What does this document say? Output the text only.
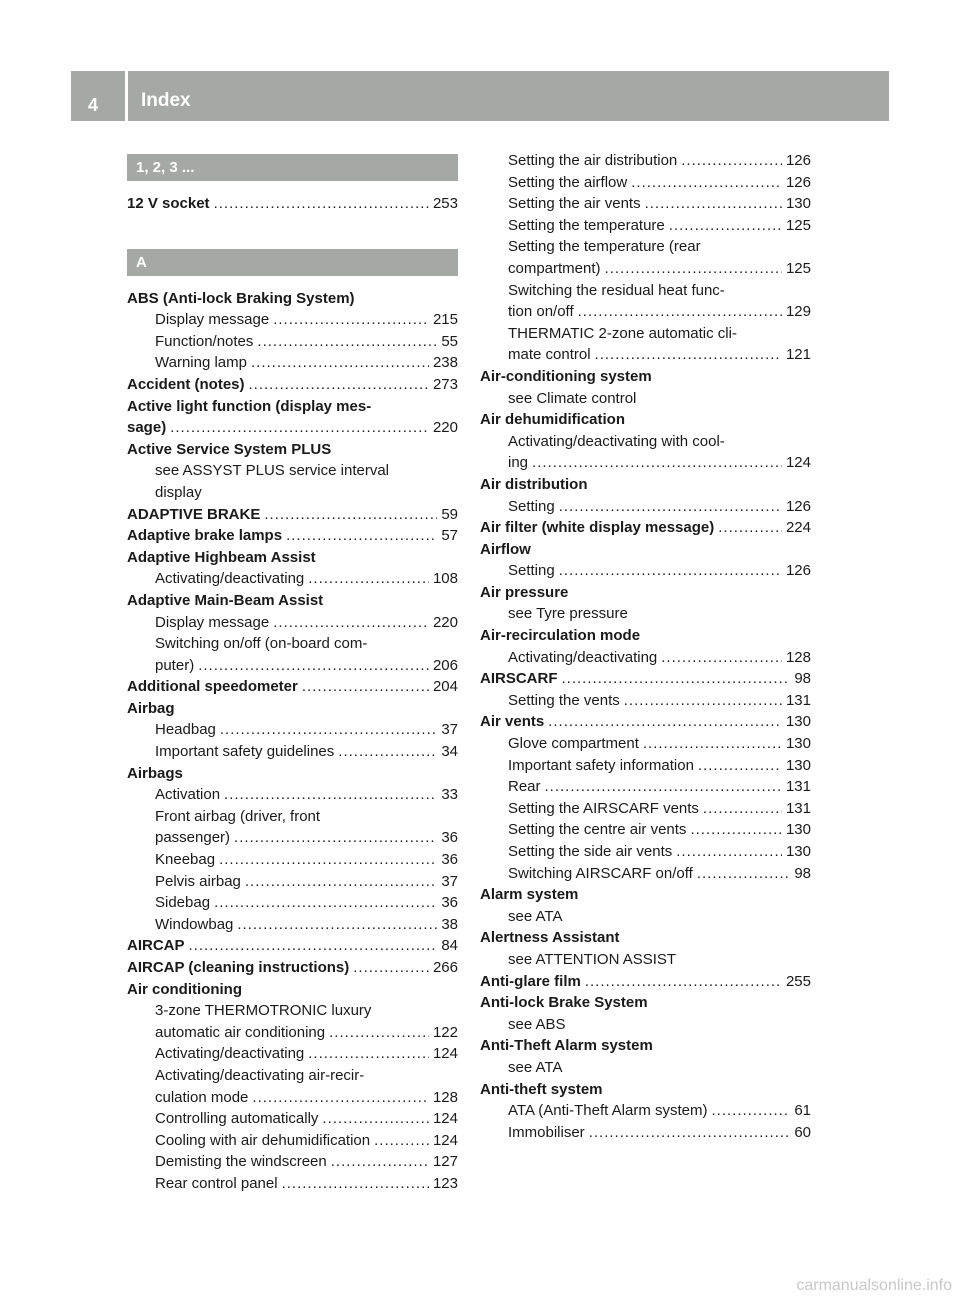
4 Index
1, 2, 3 ...
12 V socket .....	253
A
ABS (Anti-lock Braking System)
Display message .....	215
Function/notes .....	55
Warning lamp .....	238
Accident (notes) .....	273
Active light function (display mes-
sage) .....	220
Active Service System PLUS
see ASSYST PLUS service interval
display
ADAPTIVE BRAKE .....	59
Adaptive brake lamps .....	57
Adaptive Highbeam Assist
Activating/deactivating .....	108
Adaptive Main-Beam Assist
Display message .....	220
Switching on/off (on-board com-
puter) .....	206
Additional speedometer .....	204
Airbag
Headbag .....	37
Important safety guidelines .....	34
Airbags
Activation .....	33
Front airbag (driver, front
passenger) .....	36
Kneebag .....	36
Pelvis airbag .....	37
Sidebag .....	36
Windowbag .....	38
AIRCAP .....	84
AIRCAP (cleaning instructions) .....	266
Air conditioning
3-zone THERMOTRONIC luxury
automatic air conditioning .....	122
Activating/deactivating .....	124
Activating/deactivating air-recir-
culation mode .....	128
Controlling automatically .....	124
Cooling with air dehumidification .....	124
Demisting the windscreen .....	127
Rear control panel .....	123
Setting the air distribution .....	126
Setting the airflow .....	126
Setting the air vents .....	130
Setting the temperature .....	125
Setting the temperature (rear
compartment) .....	125
Switching the residual heat func-
tion on/off .....	129
THERMATIC 2-zone automatic cli-
mate control .....	121
Air-conditioning system
see Climate control
Air dehumidification
Activating/deactivating with cool-
ing .....	124
Air distribution
Setting .....	126
Air filter (white display message) .....	224
Airflow
Setting .....	126
Air pressure
see Tyre pressure
Air-recirculation mode
Activating/deactivating .....	128
AIRSCARF .....	98
Setting the vents .....	131
Air vents .....	130
Glove compartment .....	130
Important safety information .....	130
Rear .....	131
Setting the AIRSCARF vents .....	131
Setting the centre air vents .....	130
Setting the side air vents .....	130
Switching AIRSCARF on/off .....	98
Alarm system
see ATA
Alertness Assistant
see ATTENTION ASSIST
Anti-glare film .....	255
Anti-lock Brake System
see ABS
Anti-Theft Alarm system
see ATA
Anti-theft system
ATA (Anti-Theft Alarm system) .....	61
Immobiliser .....	60
carmanualsonline.info
